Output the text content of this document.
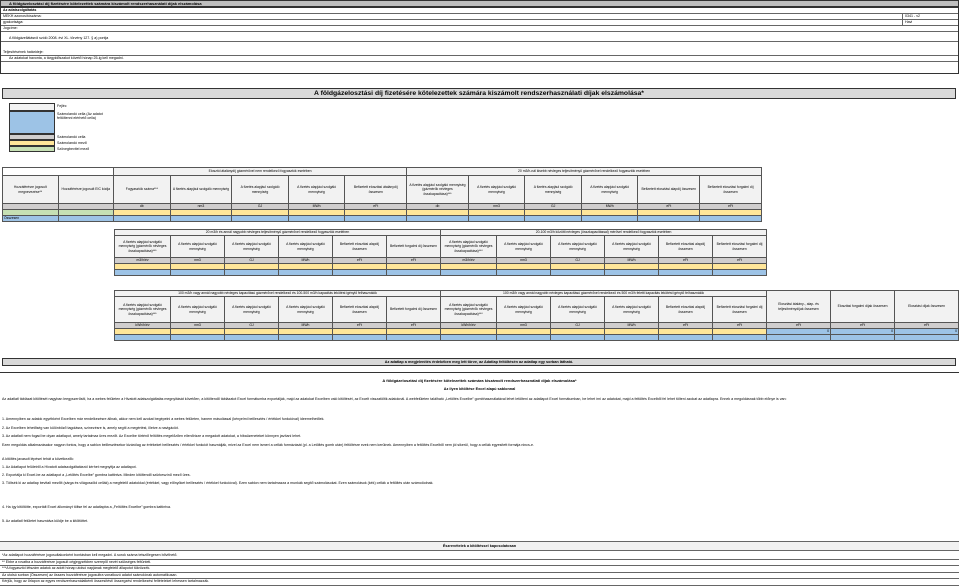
A földgázelosztási díj fizetésére kötelezettek számára kiszámolt rendszerhasználati díjak elszámolása
Az adatszolgáltatás
MEKH azonosítószáma:	0341 - v2
gyakorisága:	Havi
Jogcíme:
A földgázellátásról szóló 2008. évi XL. törvény 127. § a) pontja
Teljesítésének határideje:
Az adatokat havonta, a tárgyidőszakot követő hónap 25-ig kell megadni.
A földgázelosztási díj fizetésére kötelezettek számára kiszámolt rendszerhasználati díjak elszámolása*
Fejléc
Számolandó cella (Az adatot feltöltenni elérhető cella)
Számolandó cella
Számolandó mező
Szövegbevitel mező
		Elosztói átalánydíj gázmérővel nem rendelkező fogyasztók esetében					20 m3/h-nál kisebb névleges teljesítményű gázmérővel rendelkező fogyasztók esetében					
Hozzáférésre jogosult megnevezése**	Hozzáférésre jogosult EIC kódja	Fogyasztók száma***	A fizetés alapjául szolgáló mennyiség	A fizetés alapjául szolgáló mennyiség	A fizetés alapjául szolgáló mennyiség	Befizetett elosztási átalánydíj összesen	A fizetés alapjául szolgáló mennyiség (gázmérők névleges összkapacitása)***	A fizetés alapjául szolgáló mennyiség	A fizetés alapjául szolgáló mennyiség	A fizetés alapjául szolgáló mennyiség	Befizetett elosztási alapdíj összesen	Befizetett elosztási forgalmi díj összesen
		db	nm3	GJ	MWh	eFt	db	nm3	GJ	MWh	eFt	eFt

Összesen												
20 m3/h és annál nagyobb névleges teljesítményű gázmérővel rendelkező fogyasztók esetében						20-100 m3/h közötti névleges (összkapacitással) mérővel rendelkező fogyasztók esetében					
A fizetés alapjául szolgáló mennyiség (gázmérők névleges összkapacitása)***	A fizetés alapjául szolgáló mennyiség	A fizetés alapjául szolgáló mennyiség	A fizetés alapjául szolgáló mennyiség	Befizetett elosztási alapdíj összesen	Befizetett forgalmi díj összesen	A fizetés alapjául szolgáló mennyiség (gázmérők névleges összkapacitása)***	A fizetés alapjául szolgáló mennyiség	A fizetés alapjául szolgáló mennyiség	A fizetés alapjául szolgáló mennyiség	Befizetett elosztási alapdíj összesen	Befizetett elosztási forgalmi díj összesen
m3/h/év	nm3	GJ	MWh	eFt	eFt	m3/h/év	nm3	GJ	MWh	eFt	eFt

100 m3/h vagy annál nagyobb névleges kapacitású gázmérővel rendelkező és 100-500 m3/h kapacitás lekötést igénylő felhasználók						100 m3/h vagy annál nagyobb névleges kapacitású gázmérővel rendelkező és 500 m3/h feletti kapacitás lekötést igénylő felhasználók						Elosztási átalány-, alap- és teljesítménydíjak összesen	Elosztási forgalmi díjak összesen	Elosztási díjak összesen
A fizetés alapjául szolgáló mennyiség (gázmérők névleges összkapacitása)***	A fizetés alapjául szolgáló mennyiség	A fizetés alapjául szolgáló mennyiség	A fizetés alapjául szolgáló mennyiség	Befizetett elosztási alapdíj összesen	Befizetett forgalmi díj összesen	A fizetés alapjául szolgáló mennyiség (gázmérők névleges összkapacitása)***	A fizetés alapjául szolgáló mennyiség	A fizetés alapjául szolgáló mennyiség	A fizetés alapjául szolgáló mennyiség	Befizetett elosztási alapdíj összesen	Befizetett elosztási forgalmi díj összesen			
kWh/h/év	nm3	GJ	MWh	eFt	eFt	kWh/h/év	nm3	GJ	MWh	eFt	eFt	eFt	eFt	eFt
												0	0	0

Az adatlap a megjelenítés érdekében meg lett törve, az Adatlap feltöltésén az adatlap egy sorban látható.
A földgázelosztási díj fizetésére kötelezettek számára kiszámolt rendszerhasználati díjak elszámolása*
Az ilyen kitöltése Excel alapú sablonnal
Az adatlatl táblázat kitöltését nagyban leegyszerűsíti, ha a webes felületen a Hivatott adatszolgáltatás megnyitását követően, a kitöltendő táblázatot Excel formátumba exportálják, majd az adatokat Excelben való kitöltését, az Excelt visszatöltik adatoknál. A webfelületen található „Letöltés Excelbe” gombhasználatával lehet letölteni az adatlapot Excel formátumban, be lehet írni az adatokat, majd a feltöltés Excelből fel lehet tölteni azokat az adatlapra. Ennek a megoldásnak több előnye is van:
1. Amennyiben az adatok egyébként Excelben már rendelkezésre állnak, akkor nem kell azokat begépelni a webes felületen, hanem másolással (kényelmi beillesztés / értékkel funkcióval) ideemelhetőek.
2. Az Excelben lehetőség van különböző tagolásra, színezésre is, amely segíti a megértést, illetve a navigációt.
3. Az adatlatl nem fogad be olyan adatlapot, amely tartalmaz üres mezőt. Az Excelbe történő feltöltés megelőzően ellenőrizze a megadott adatokat, a hibaüzeneteket könnyen javítani lehet.
Ezen megoldás alkalmazásakor nagyon fontos, hogy a sablon beillesztésekor kizárólag az értékeket beillesztés / értékkel funkciót használják, mivel az Excel nem ismeri a cellák formázását (pl. a Letöltés gomb után) feltöltésre ezek nem kerülnek. Amennyiben a feltöltés Excelből nem jól sikerül, hogy a cellák egyesített formája nincs-e.
A kitöltés javasolt lépései tehát a következők:
1. Az Adatlapot felületről a Hivatott adatszolgáltatásról kérhet megnyitja az adatlapot.
2. Exportálja ki Excel-be az adatlapot a „Letöltés Excelbe” gombra kattintva. Minden kitöltendő szürkeszínű mező üres.
3. Töltsék ki az adatlap bevitali mezőit (sárga és világoszöld cellák) a megfelelő adatokkal (értékkel, vagy előnyöket beillesztés / értékkel funkcióval). Ezen sablon nem tartalmazza a munkák segítő számolásokat. Ezen számolások (kék) cellák a feltöltés után számolódnak.
4. Ha így kitöltötte, exportált Excel állományt töltse fel az adatlapba a „Feltöltés Excelbe” gombra kattintva.
5. Az adatlatl felületet használva küldje be a kitöltöttet.
Észrevételek a kitöltéssel kapcsolatosan
*Az adatlapot hozzáférésre jogosultakonként bontásban kell megadni. A sorok száma tetszőlegesen bővíthető.
** Ebbe a rovatba a hozzáférésre jogosult cégjegyzékben szereplő nevét szükséges feltünteti.
***A fogyasztói létszám adatok az adott hónap utolsó napjának megfelelő állapotot tükrözzék.
Az utolsó sorban (Összesen) az összes hozzáférésre jogosultra vonatkozó adatot számolónak automatikusan.
Kérjük, hogy az űrlapon az egyes rendszerhasználatkénti összesítést/ összegzési rendelkezési feltételeket lehessen tartalmazzák.
